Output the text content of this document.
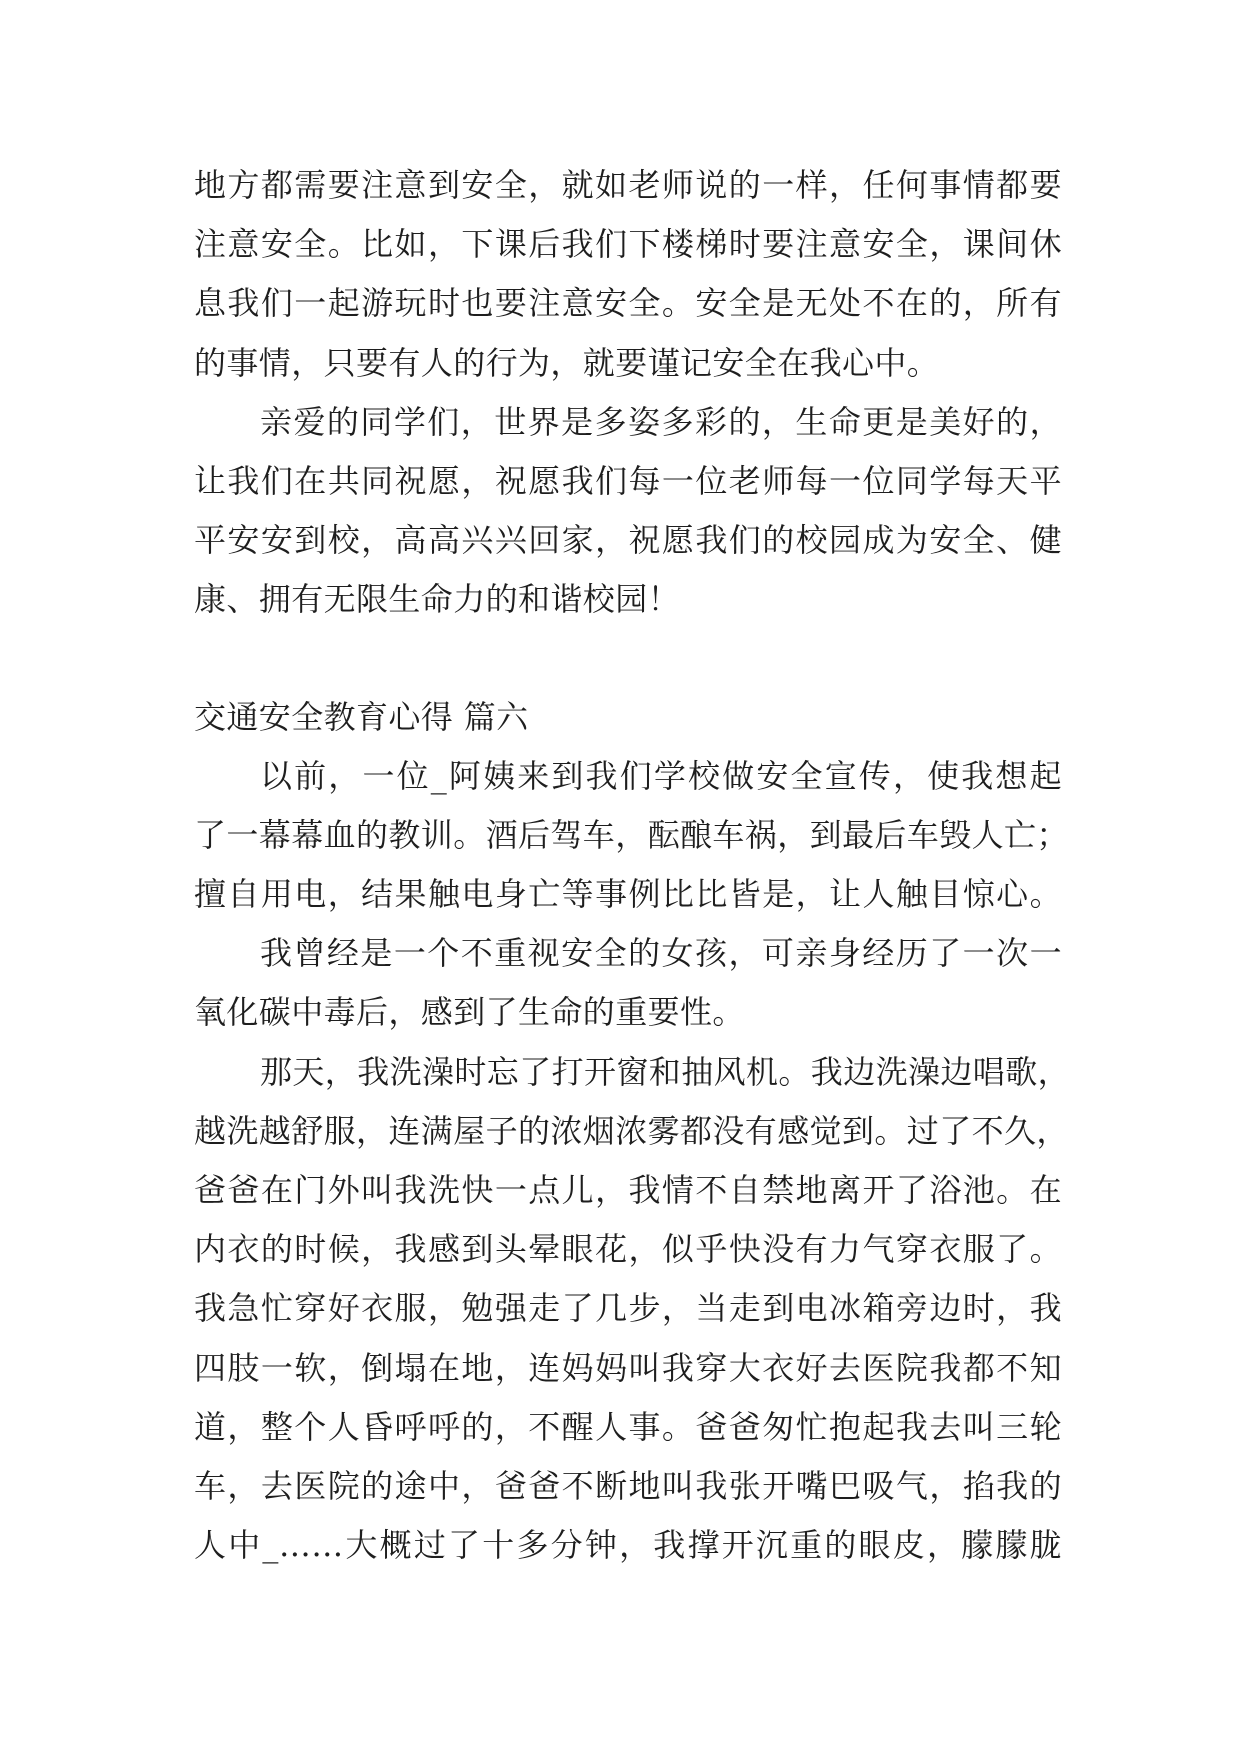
地方都需要注意到安全，就如老师说的一样，任何事情都要
注意安全。比如，下课后我们下楼梯时要注意安全，课间休
息我们一起游玩时也要注意安全。安全是无处不在的，所有
的事情，只要有人的行为，就要谨记安全在我心中。
亲爱的同学们，世界是多姿多彩的，生命更是美好的，
让我们在共同祝愿，祝愿我们每一位老师每一位同学每天平
平安安到校，高高兴兴回家，祝愿我们的校园成为安全、健
康、拥有无限生命力的和谐校园！
交通安全教育心得 篇六
以前，一位_阿姨来到我们学校做安全宣传，使我想起
了一幕幕血的教训。酒后驾车，酝酿车祸，到最后车毁人亡；
擅自用电，结果触电身亡等事例比比皆是，让人触目惊心。
我曾经是一个不重视安全的女孩，可亲身经历了一次一
氧化碳中毒后，感到了生命的重要性。
那天，我洗澡时忘了打开窗和抽风机。我边洗澡边唱歌，
越洗越舒服，连满屋子的浓烟浓雾都没有感觉到。过了不久，
爸爸在门外叫我洗快一点儿，我情不自禁地离开了浴池。在
内衣的时候，我感到头晕眼花，似乎快没有力气穿衣服了。
我急忙穿好衣服，勉强走了几步，当走到电冰箱旁边时，我
四肢一软，倒塌在地，连妈妈叫我穿大衣好去医院我都不知
道，整个人昏呼呼的，不醒人事。爸爸匆忙抱起我去叫三轮
车，去医院的途中，爸爸不断地叫我张开嘴巴吸气，掐我的
人中_……大概过了十多分钟，我撑开沉重的眼皮，朦朦胧
